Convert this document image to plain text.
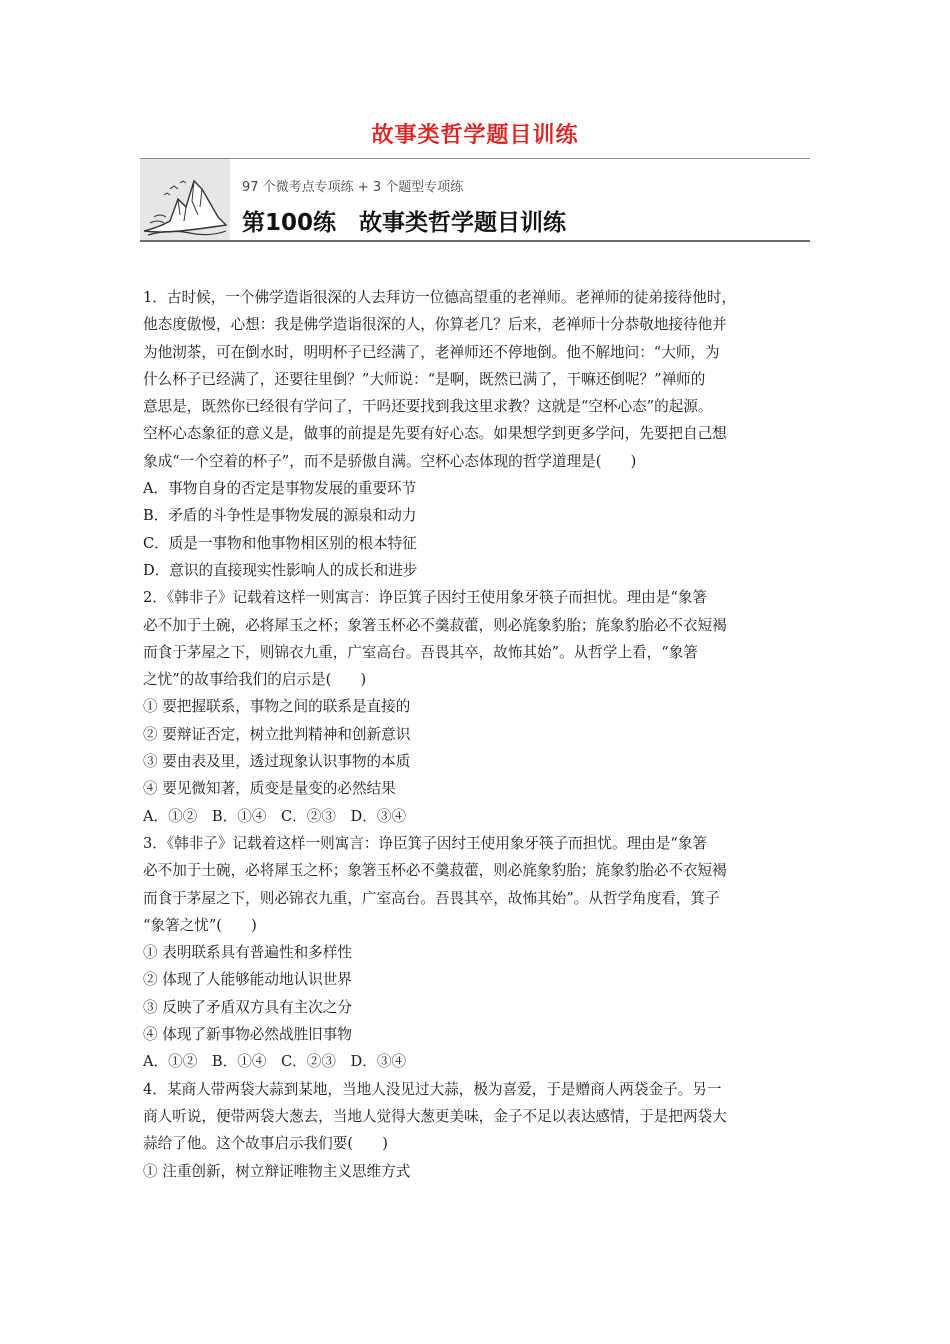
故事类哲学题目训练
97 个微考点专项练 + 3 个题型专项练
第100练　故事类哲学题目训练

1．古时候，一个佛学造诣很深的人去拜访一位德高望重的老禅师。老禅师的徒弟接待他时，

他态度傲慢，心想：我是佛学造诣很深的人，你算老几？后来，老禅师十分恭敬地接待他并

为他沏茶，可在倒水时，明明杯子已经满了，老禅师还不停地倒。他不解地问：“大师，为

什么杯子已经满了，还要往里倒？”大师说：“是啊，既然已满了，干嘛还倒呢？”禅师的

意思是，既然你已经很有学问了，干吗还要找到我这里求教？这就是“空杯心态”的起源。

空杯心态象征的意义是，做事的前提是先要有好心态。如果想学到更多学问，先要把自己想

象成“一个空着的杯子”，而不是骄傲自满。空杯心态体现的哲学道理是(　　)

A．事物自身的否定是事物发展的重要环节

B．矛盾的斗争性是事物发展的源泉和动力

C．质是一事物和他事物相区别的根本特征

D．意识的直接现实性影响人的成长和进步

2．《韩非子》记载着这样一则寓言：诤臣箕子因纣王使用象牙筷子而担忧。理由是“象箸

必不加于土碗，必将犀玉之杯；象箸玉杯必不羹菽藿，则必旄象豹胎；旄象豹胎必不衣短褐

而食于茅屋之下，则锦衣九重，广室高台。吾畏其卒，故怖其始”。从哲学上看，“象箸

之忧”的故事给我们的启示是(　　)

① 要把握联系，事物之间的联系是直接的

② 要辩证否定，树立批判精神和创新意识

③ 要由表及里，透过现象认识事物的本质

④ 要见微知著，质变是量变的必然结果

A．①②　B．①④　C．②③　D．③④

3．《韩非子》记载着这样一则寓言：诤臣箕子因纣王使用象牙筷子而担忧。理由是“象箸

必不加于土碗，必将犀玉之杯；象箸玉杯必不羹菽藿，则必旄象豹胎；旄象豹胎必不衣短褐

而食于茅屋之下，则必锦衣九重，广室高台。吾畏其卒，故怖其始”。从哲学角度看，箕子

“象箸之忧”(　　)

① 表明联系具有普遍性和多样性

② 体现了人能够能动地认识世界

③ 反映了矛盾双方具有主次之分

④ 体现了新事物必然战胜旧事物

A．①②　B．①④　C．②③　D．③④

4．某商人带两袋大蒜到某地，当地人没见过大蒜，极为喜爱，于是赠商人两袋金子。另一

商人听说，便带两袋大葱去，当地人觉得大葱更美味，金子不足以表达感情，于是把两袋大

蒜给了他。这个故事启示我们要(　　)

① 注重创新，树立辩证唯物主义思维方式
